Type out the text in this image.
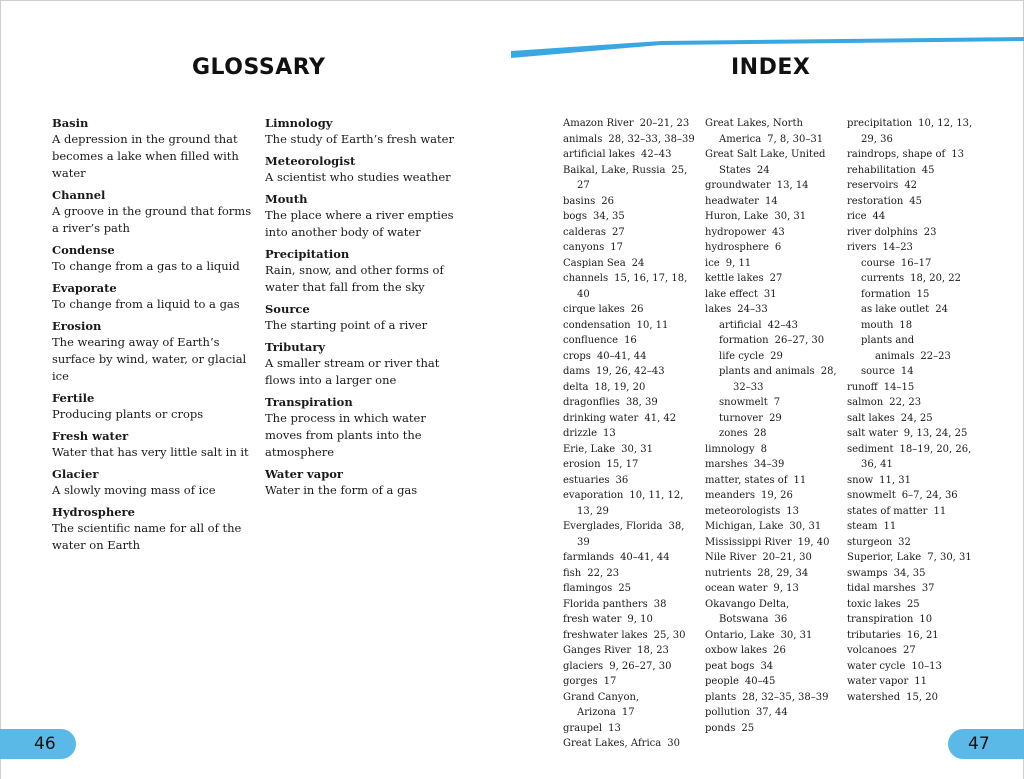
GLOSSARY	INDEX
Basin
A depression in the ground that becomes a lake when filled with water
Channel
A groove in the ground that forms a river’s path
Condense
To change from a gas to a liquid
Evaporate
To change from a liquid to a gas
Erosion
The wearing away of Earth’s surface by wind, water, or glacial ice
Fertile
Producing plants or crops
Fresh water
Water that has very little salt in it
Glacier
A slowly moving mass of ice
Hydrosphere
The scientific name for all of the water on Earth
Limnology
The study of Earth’s fresh water
Meteorologist
A scientist who studies weather
Mouth
The place where a river empties into another body of water
Precipitation
Rain, snow, and other forms of water that fall from the sky
Source
The starting point of a river
Tributary
A smaller stream or river that flows into a larger one
Transpiration
The process in which water moves from plants into the atmosphere
Water vapor
Water in the form of a gas
Amazon River 20–21, 23
animals 28, 32–33, 38–39
artificial lakes 42–43
Baikal, Lake, Russia 25, 27
basins 26
bogs 34, 35
calderas 27
canyons 17
Caspian Sea 24
channels 15, 16, 17, 18, 40
cirque lakes 26
condensation 10, 11
confluence 16
crops 40–41, 44
dams 19, 26, 42–43
delta 18, 19, 20
dragonflies 38, 39
drinking water 41, 42
drizzle 13
Erie, Lake 30, 31
erosion 15, 17
estuaries 36
evaporation 10, 11, 12, 13, 29
Everglades, Florida 38, 39
farmlands 40–41, 44
fish 22, 23
flamingos 25
Florida panthers 38
fresh water 9, 10
freshwater lakes 25, 30
Ganges River 18, 23
glaciers 9, 26–27, 30
gorges 17
Grand Canyon, Arizona 17
graupel 13
Great Lakes, Africa 30
Great Lakes, North America 7, 8, 30–31
Great Salt Lake, United States 24
groundwater 13, 14
headwater 14
Huron, Lake 30, 31
hydropower 43
hydrosphere 6
ice 9, 11
kettle lakes 27
lake effect 31
lakes 24–33
artificial 42–43
formation 26–27, 30
life cycle 29
plants and animals 28, 32–33
snowmelt 7
turnover 29
zones 28
limnology 8
marshes 34–39
matter, states of 11
meanders 19, 26
meteorologists 13
Michigan, Lake 30, 31
Mississippi River 19, 40
Nile River 20–21, 30
nutrients 28, 29, 34
ocean water 9, 13
Okavango Delta, Botswana 36
Ontario, Lake 30, 31
oxbow lakes 26
peat bogs 34
people 40–45
plants 28, 32–35, 38–39
pollution 37, 44
ponds 25
precipitation 10, 12, 13, 29, 36
raindrops, shape of 13
rehabilitation 45
reservoirs 42
restoration 45
rice 44
river dolphins 23
rivers 14–23
course 16–17
currents 18, 20, 22
formation 15
as lake outlet 24
mouth 18
plants and animals 22–23
source 14
runoff 14–15
salmon 22, 23
salt lakes 24, 25
salt water 9, 13, 24, 25
sediment 18–19, 20, 26, 36, 41
snow 11, 31
snowmelt 6–7, 24, 36
states of matter 11
steam 11
sturgeon 32
Superior, Lake 7, 30, 31
swamps 34, 35
tidal marshes 37
toxic lakes 25
transpiration 10
tributaries 16, 21
volcanoes 27
water cycle 10–13
water vapor 11
watershed 15, 20
46	47
